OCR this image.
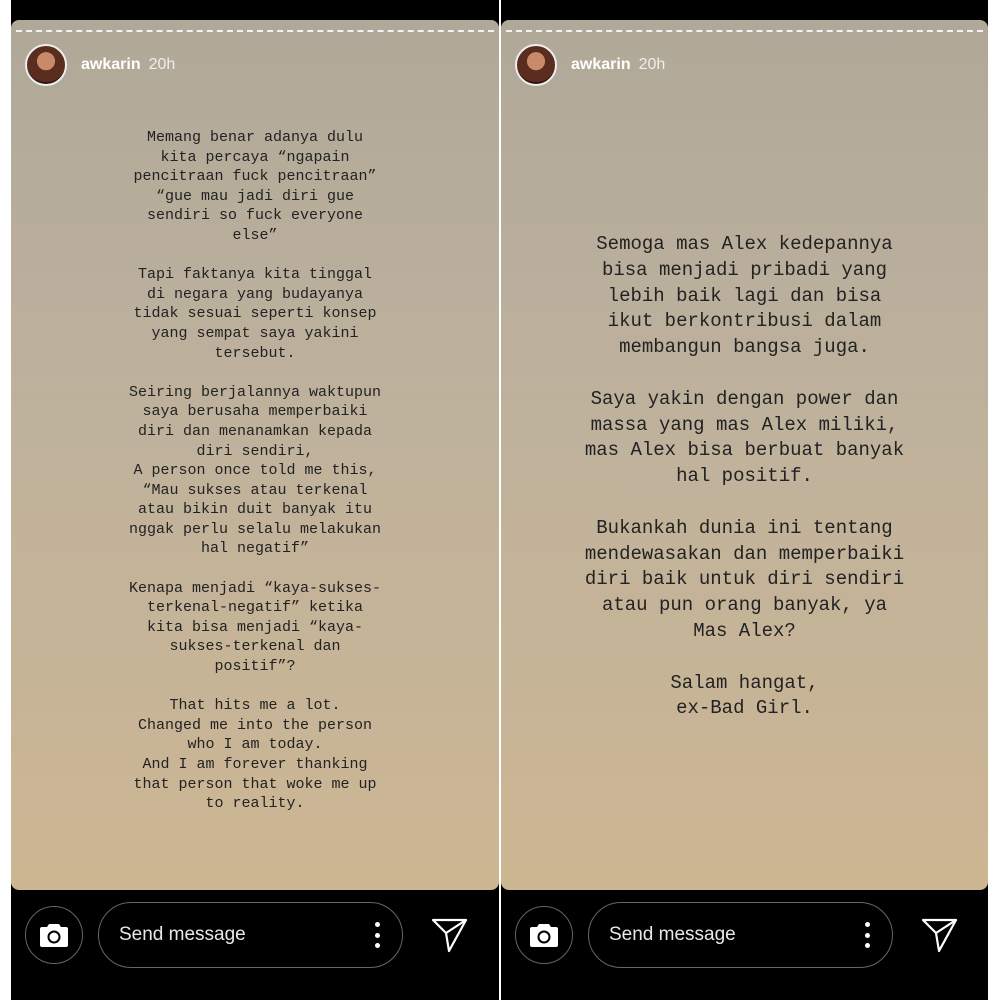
awkarin 20h

Memang benar adanya dulu
kita percaya “ngapain
pencitraan fuck pencitraan”
“gue mau jadi diri gue
sendiri so fuck everyone
else”

Tapi faktanya kita tinggal
di negara yang budayanya
tidak sesuai seperti konsep
yang sempat saya yakini
tersebut.

Seiring berjalannya waktupun
saya berusaha memperbaiki
diri dan menanamkan kepada
diri sendiri,
A person once told me this,
“Mau sukses atau terkenal
atau bikin duit banyak itu
nggak perlu selalu melakukan
hal negatif”

Kenapa menjadi “kaya-sukses-
terkenal-negatif” ketika
kita bisa menjadi “kaya-
sukses-terkenal dan
positif”?

That hits me a lot.
Changed me into the person
who I am today.
And I am forever thanking
that person that woke me up
to reality.

Send message
awkarin 20h

Semoga mas Alex kedepannya
bisa menjadi pribadi yang
lebih baik lagi dan bisa
ikut berkontribusi dalam
membangun bangsa juga.

Saya yakin dengan power dan
massa yang mas Alex miliki,
mas Alex bisa berbuat banyak
hal positif.

Bukankah dunia ini tentang
mendewasakan dan memperbaiki
diri baik untuk diri sendiri
atau pun orang banyak, ya
Mas Alex?

Salam hangat,
ex-Bad Girl.

Send message
